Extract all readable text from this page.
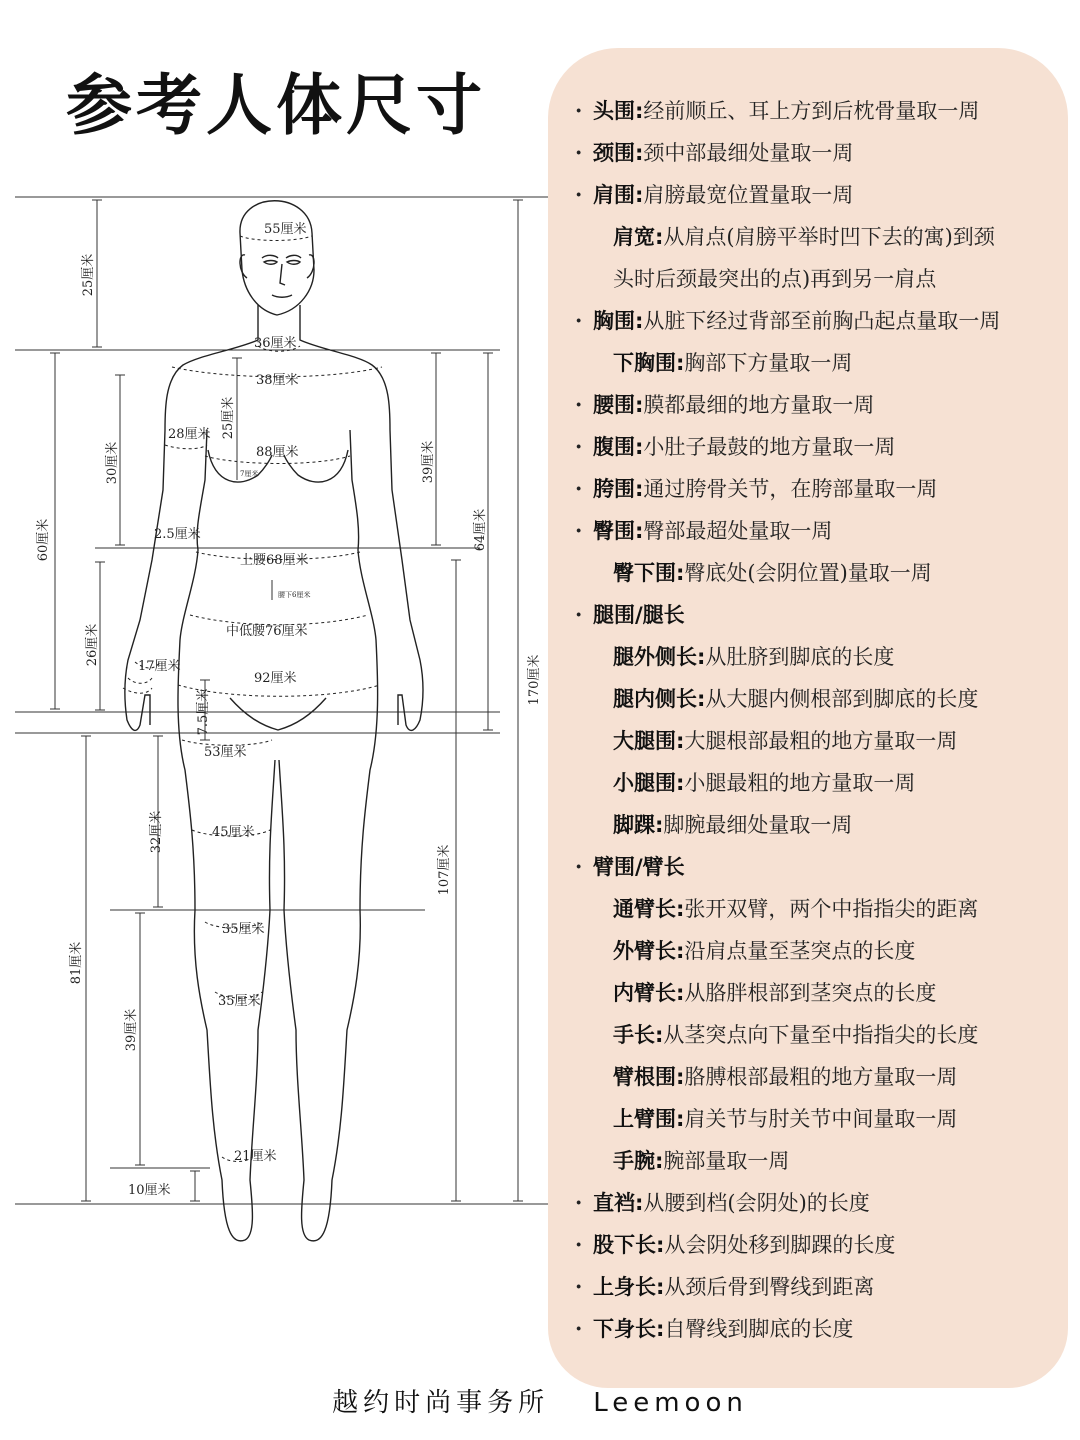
参考人体尺寸
55厘米
36厘米
38厘米
88厘米
7厘米
28厘米
2.5厘米
上腰68厘米
腰下6厘米
中低腰76厘米
17厘米
92厘米
53厘米
45厘米
35厘米
35厘米
21厘米
10厘米
25厘米
60厘米
30厘米
25厘米
26厘米
39厘米
64厘米
170厘米
7.5厘米
107厘米
81厘米
32厘米
39厘米
· 头围:经前顺丘、耳上方到后枕骨量取一周
· 颈围:颈中部最细处量取一周
· 肩围:肩膀最宽位置量取一周
肩宽:从肩点(肩膀平举时凹下去的寓)到颈
头时后颈最突出的点)再到另一肩点
· 胸围:从脏下经过背部至前胸凸起点量取一周
下胸围:胸部下方量取一周
· 腰围:膜都最细的地方量取一周
· 腹围:小肚子最鼓的地方量取一周
· 胯围:通过胯骨关节，在胯部量取一周
· 臀围:臀部最超处量取一周
臀下围:臀底处(会阴位置)量取一周
· 腿围/腿长
腿外侧长:从肚脐到脚底的长度
腿内侧长:从大腿内侧根部到脚底的长度
大腿围:大腿根部最粗的地方量取一周
小腿围:小腿最粗的地方量取一周
脚踝:脚腕最细处量取一周
· 臂围/臂长
通臂长:张开双臂，两个中指指尖的距离
外臂长:沿肩点量至茎突点的长度
内臂长:从胳胖根部到茎突点的长度
手长:从茎突点向下量至中指指尖的长度
臂根围:胳膊根部最粗的地方量取一周
上臂围:肩关节与肘关节中间量取一周
手腕:腕部量取一周
· 直裆:从腰到档(会阴处)的长度
· 股下长:从会阴处移到脚踝的长度
· 上身长:从颈后骨到臀线到距离
· 下身长:自臀线到脚底的长度
越约时尚事务所 Leemoon
